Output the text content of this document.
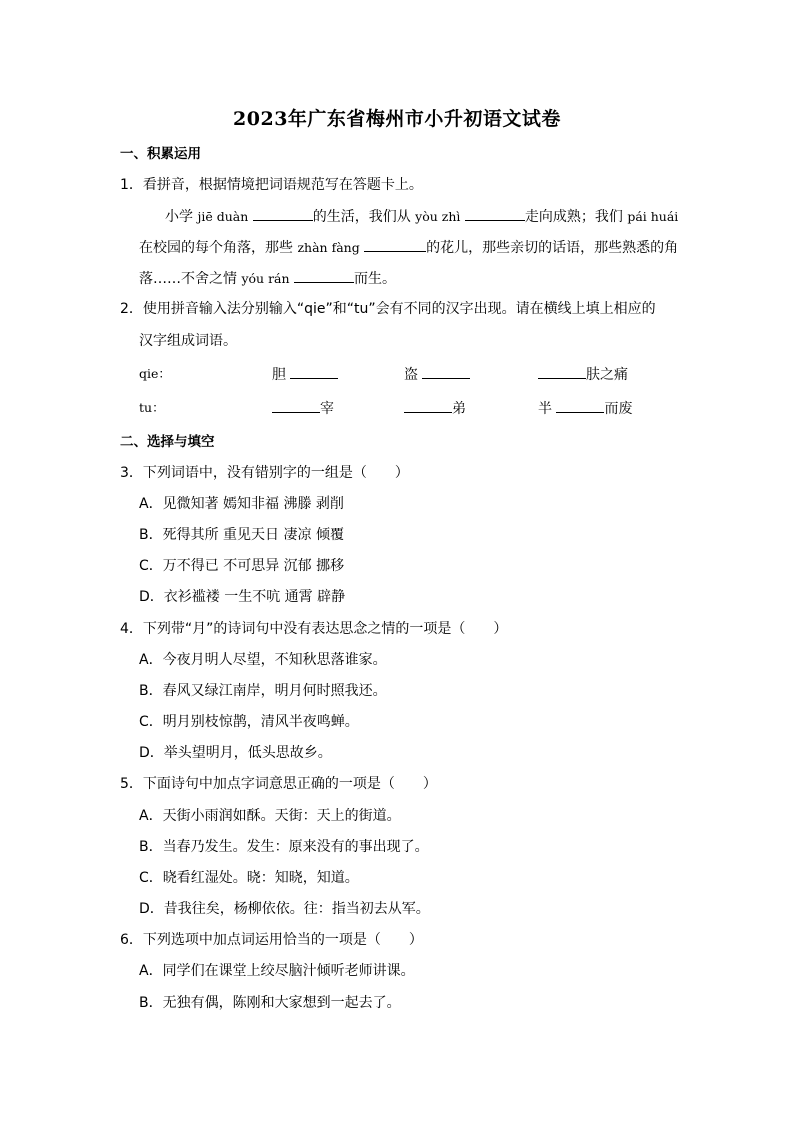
2023年广东省梅州市小升初语文试卷
一、积累运用
1．看拼音，根据情境把词语规范写在答题卡上。
小学 jiē duàn	的生活，我们从 yòu zhì	走向成熟；我们 pái huái
在校园的每个角落，那些 zhàn fàng	的花儿，那些亲切的话语，那些熟悉的角
落……不舍之情 yóu rán	而生。
2．使用拼音输入法分别输入“qie”和“tu”会有不同的汉字出现。请在横线上填上相应的
汉字组成词语。
qie：	胆	盗	肤之痛
tu：	宰	弟	半	而废
二、选择与填空
3．下列词语中，没有错别字的一组是（　　）
A．见微知著 嫣知非福 沸滕 剥削
B．死得其所 重见天日 凄凉 倾覆
C．万不得已 不可思异 沉郁 挪移
D．衣衫褴褛 一生不吭 通霄 辟静
4．下列带“月”的诗词句中没有表达思念之情的一项是（　　）
A．今夜月明人尽望，不知秋思落谁家。
B．春风又绿江南岸，明月何时照我还。
C．明月别枝惊鹊，清风半夜鸣蝉。
D．举头望明月，低头思故乡。
5．下面诗句中加点字词意思正确的一项是（　　）
A．天街小雨润如酥。天街：天上的街道。
B．当春乃发生。发生：原来没有的事出现了。
C．晓看红湿处。晓：知晓，知道。
D．昔我往矣，杨柳依依。往：指当初去从军。
6．下列选项中加点词运用恰当的一项是（　　）
A．同学们在课堂上绞尽脑汁倾听老师讲课。
B．无独有偶，陈刚和大家想到一起去了。
